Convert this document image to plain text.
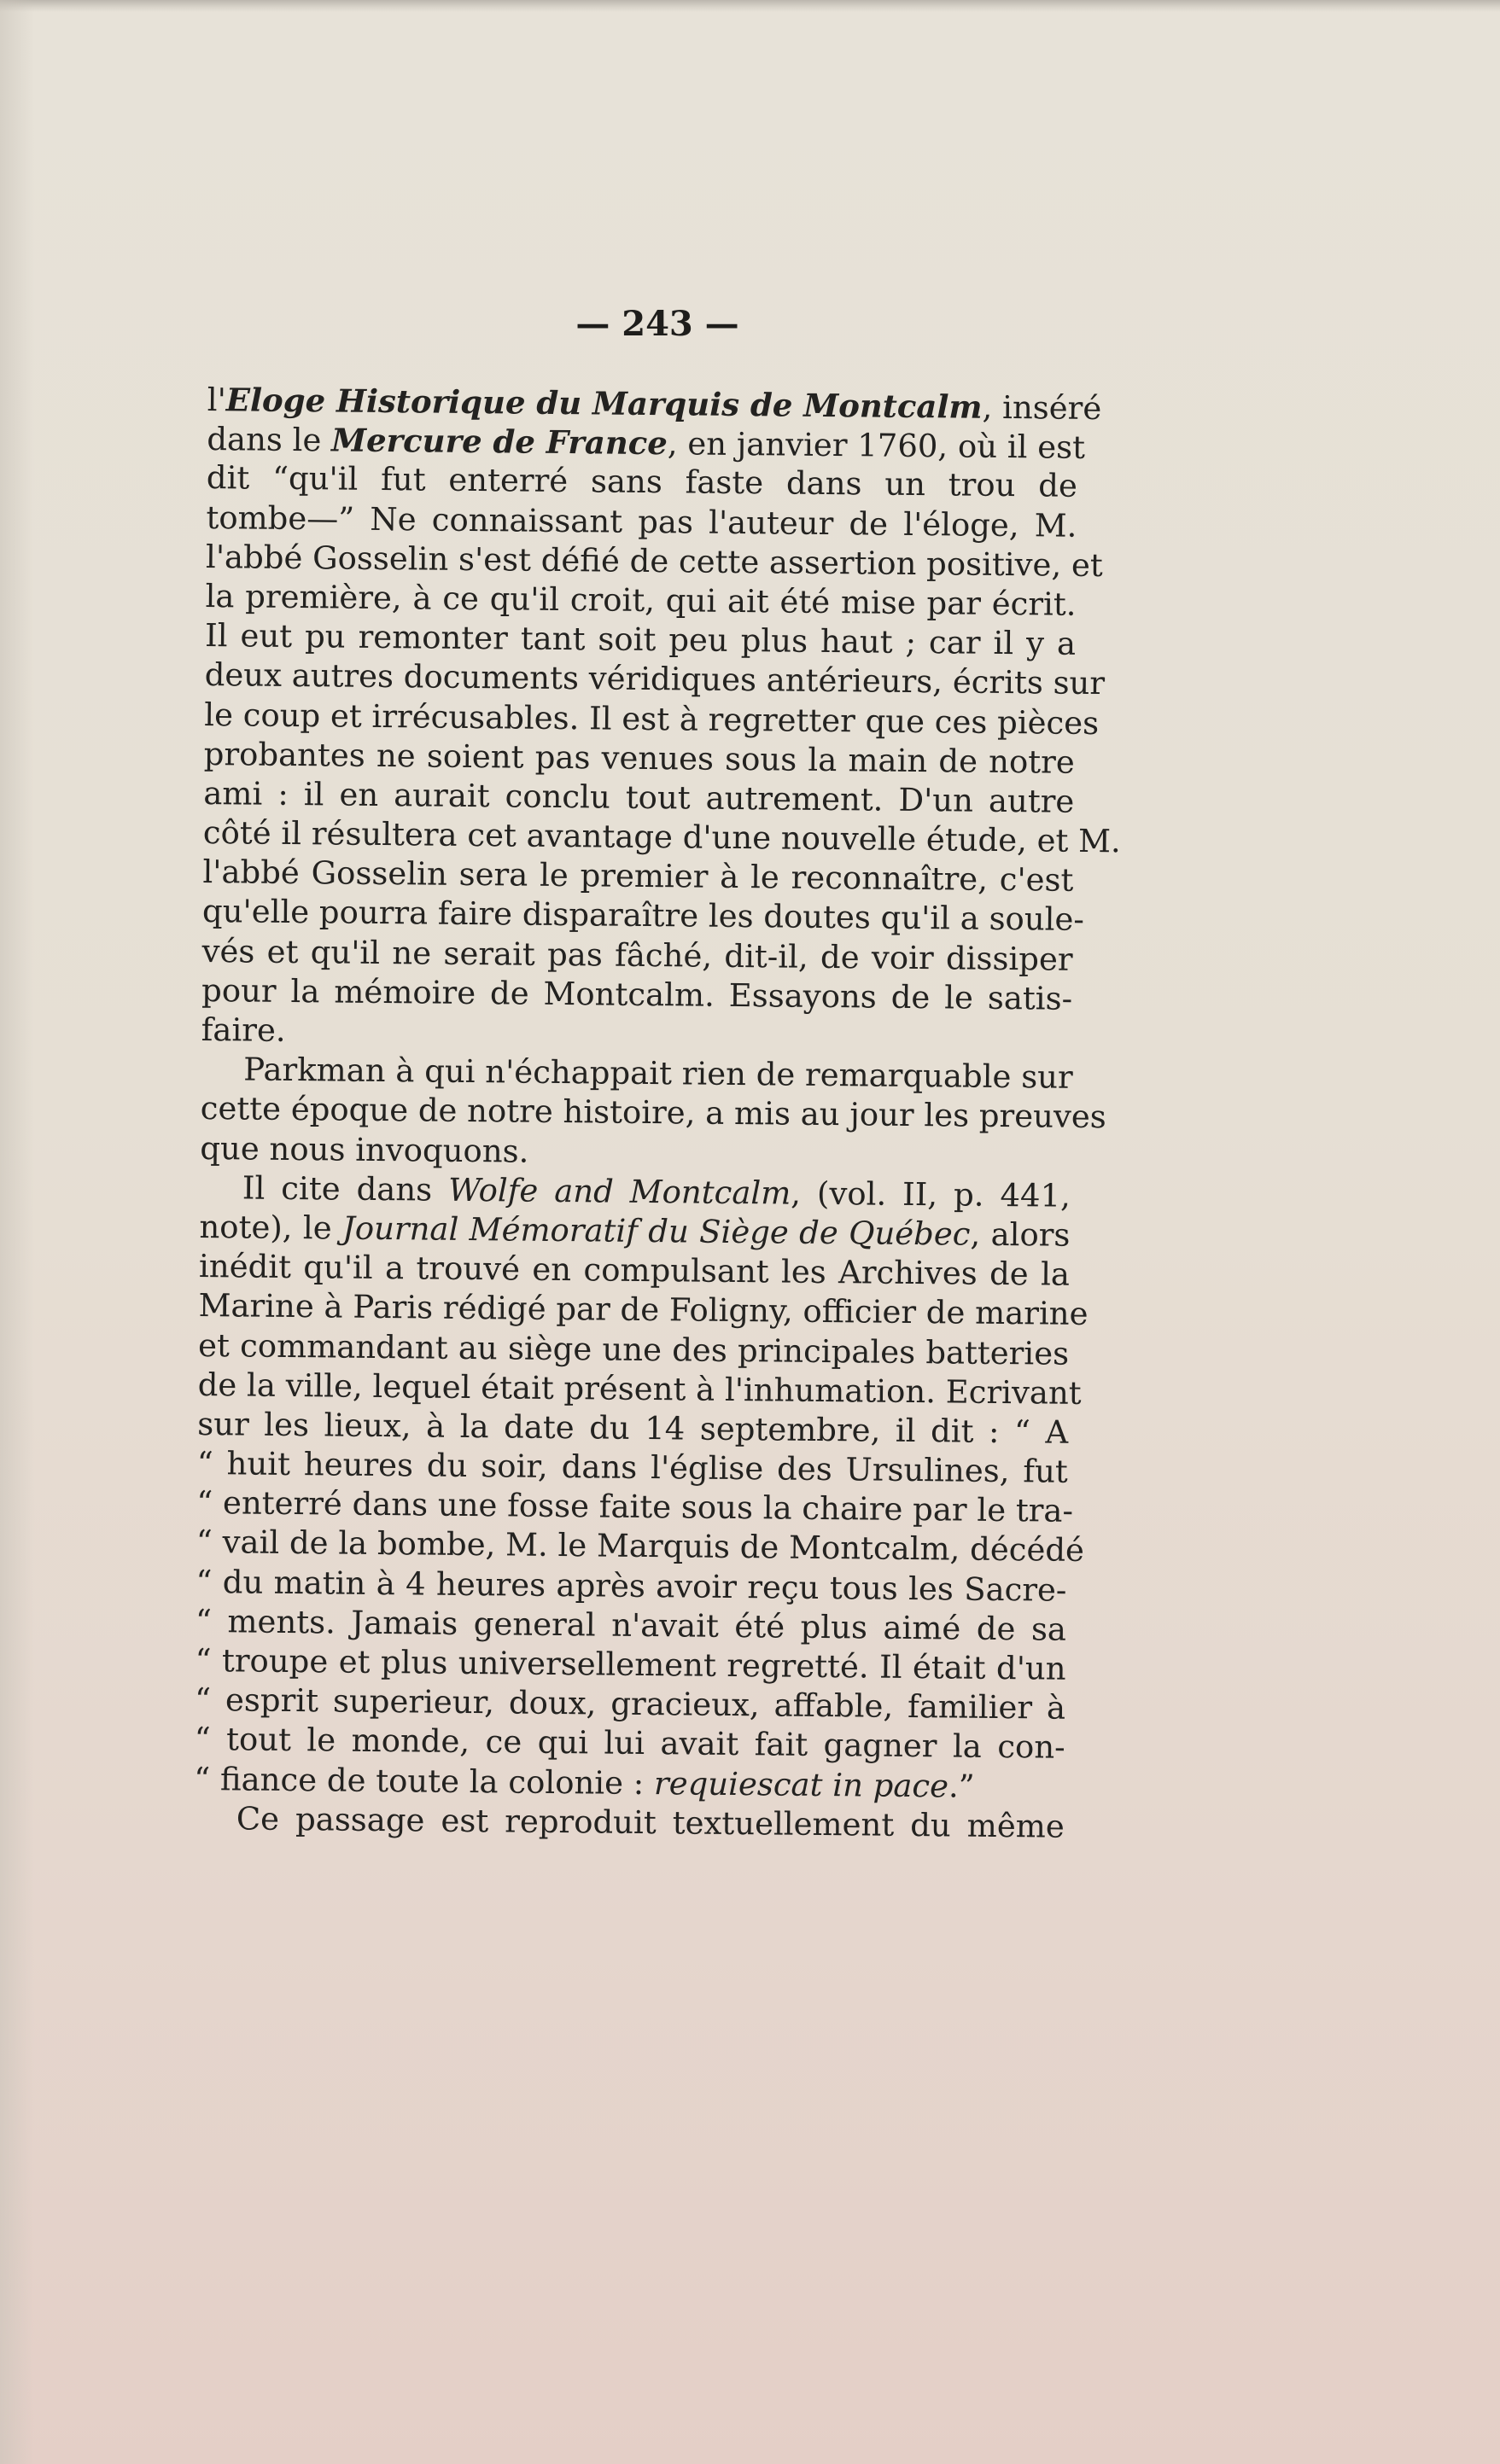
— 243 —
l'Eloge Historique du Marquis de Montcalm, inséré
dans le Mercure de France, en janvier 1760, où il est
dit “qu'il fut enterré sans faste dans un trou de
tombe—” Ne connaissant pas l'auteur de l'éloge, M.
l'abbé Gosselin s'est défié de cette assertion positive, et
la première, à ce qu'il croit, qui ait été mise par écrit.
Il eut pu remonter tant soit peu plus haut ; car il y a
deux autres documents véridiques antérieurs, écrits sur
le coup et irrécusables. Il est à regretter que ces pièces
probantes ne soient pas venues sous la main de notre
ami : il en aurait conclu tout autrement. D'un autre
côté il résultera cet avantage d'une nouvelle étude, et M.
l'abbé Gosselin sera le premier à le reconnaître, c'est
qu'elle pourra faire disparaître les doutes qu'il a soule-
vés et qu'il ne serait pas fâché, dit-il, de voir dissiper
pour la mémoire de Montcalm. Essayons de le satis-
faire.
Parkman à qui n'échappait rien de remarquable sur
cette époque de notre histoire, a mis au jour les preuves
que nous invoquons.
Il cite dans Wolfe and Montcalm, (vol. II, p. 441,
note), le Journal Mémoratif du Siège de Québec, alors
inédit qu'il a trouvé en compulsant les Archives de la
Marine à Paris rédigé par de Foligny, officier de marine
et commandant au siège une des principales batteries
de la ville, lequel était présent à l'inhumation. Ecrivant
sur les lieux, à la date du 14 septembre, il dit : “ A
“ huit heures du soir, dans l'église des Ursulines, fut
“ enterré dans une fosse faite sous la chaire par le tra-
“ vail de la bombe, M. le Marquis de Montcalm, décédé
“ du matin à 4 heures après avoir reçu tous les Sacre-
“ ments. Jamais general n'avait été plus aimé de sa
“ troupe et plus universellement regretté. Il était d'un
“ esprit superieur, doux, gracieux, affable, familier à
“ tout le monde, ce qui lui avait fait gagner la con-
“ fiance de toute la colonie : requiescat in pace.”
Ce passage est reproduit textuellement du même
